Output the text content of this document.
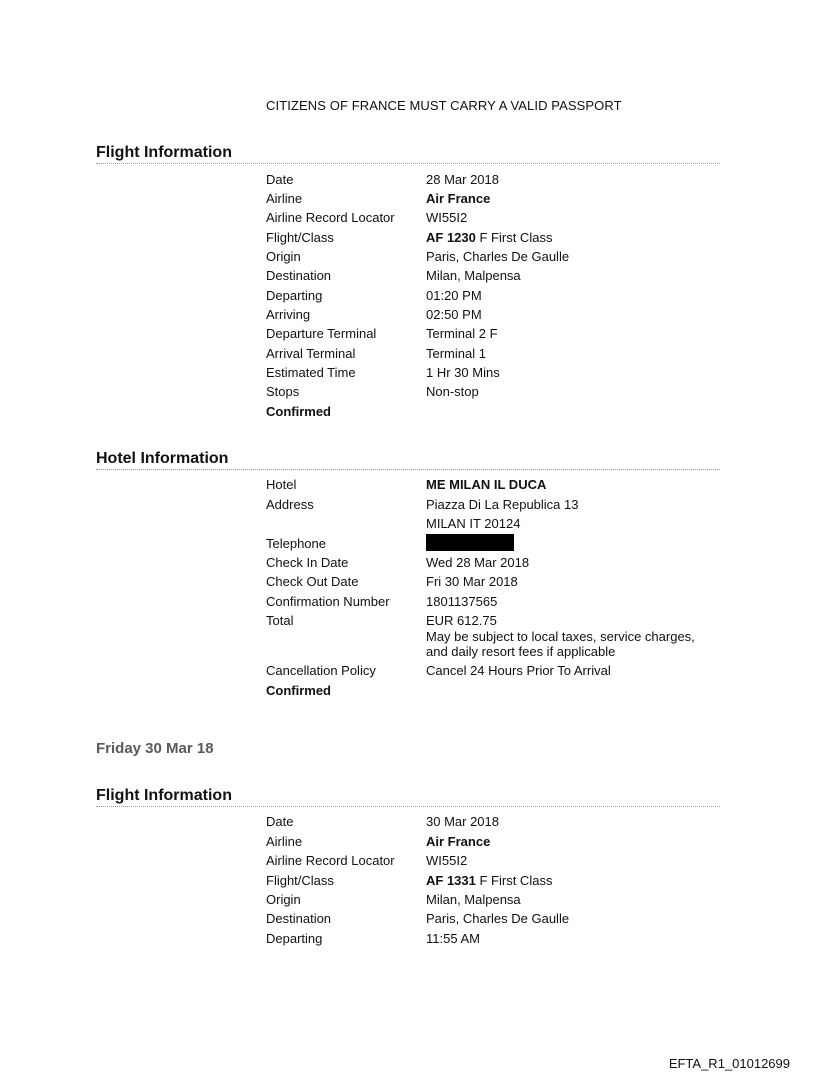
CITIZENS OF FRANCE MUST CARRY A VALID PASSPORT
Flight Information
Date	28 Mar 2018
Airline	Air France
Airline Record Locator WI55I2
Flight/Class	AF 1230 F First Class
Origin	Paris, Charles De Gaulle
Destination	Milan, Malpensa
Departing	01:20 PM
Arriving	02:50 PM
Departure Terminal	Terminal 2 F
Arrival Terminal	Terminal 1
Estimated Time	1 Hr 30 Mins
Stops	Non-stop
Confirmed
Hotel Information
Hotel	ME MILAN IL DUCA
Address	Piazza Di La Republica 13
MILAN IT 20124
Telephone
Check In Date	Wed 28 Mar 2018
Check Out Date	Fri 30 Mar 2018
Confirmation Number	1801137565
Total	EUR 612.75
May be subject to local taxes, service charges,
and daily resort fees if applicable
Cancellation Policy	Cancel 24 Hours Prior To Arrival
Confirmed
Friday 30 Mar 18
Flight Information
Date	30 Mar 2018
Airline	Air France
Airline Record Locator WI55I2
Flight/Class	AF 1331 F First Class
Origin	Milan, Malpensa
Destination	Paris, Charles De Gaulle
Departing	11:55 AM
EFTA_R1_01012699
